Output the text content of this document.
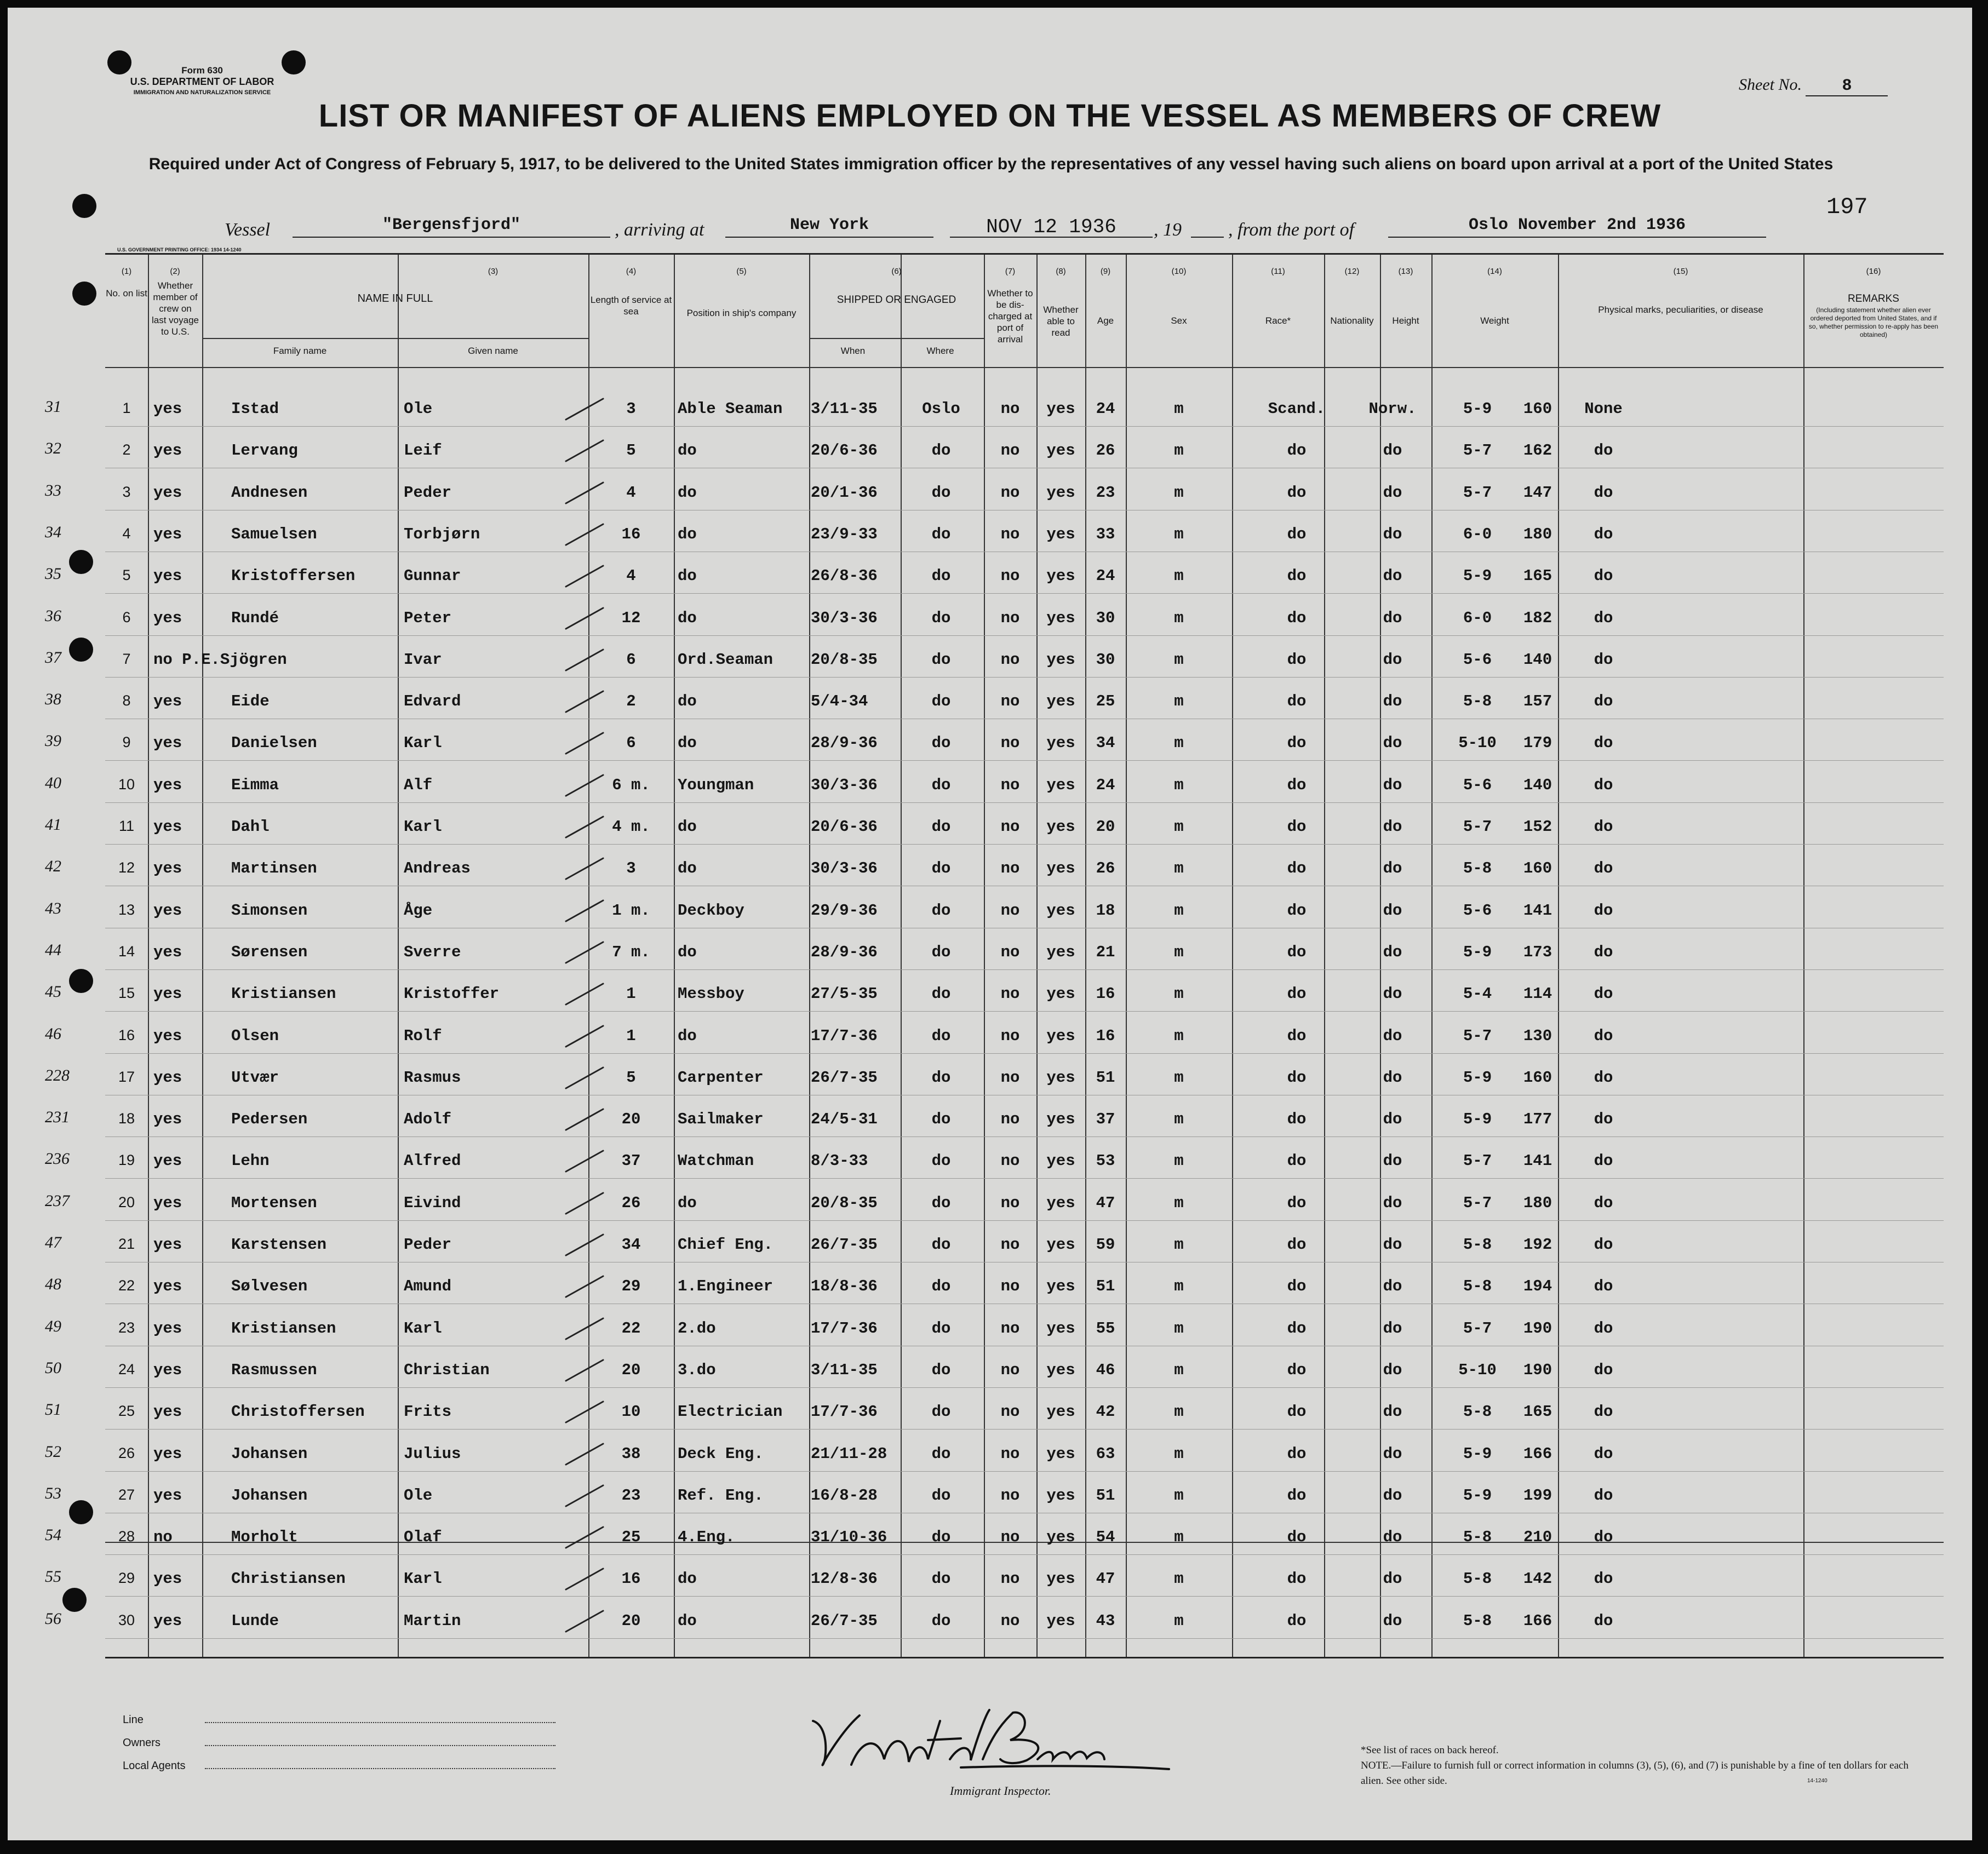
Form 630
U.S. DEPARTMENT OF LABOR
IMMIGRATION AND NATURALIZATION SERVICE
LIST OR MANIFEST OF ALIENS EMPLOYED ON THE VESSEL AS MEMBERS OF CREW
Sheet No. 8
Required under Act of Congress of February 5, 1917, to be delivered to the United States immigration officer by the representatives of any vessel having such aliens on board upon arrival at a port of the United States
197
Vessel	"Bergensfjord"	, arriving at	New York	NOV 12 1936	, 19	, from the port of	Oslo November 2nd 1936
U.S. GOVERNMENT PRINTING OFFICE: 1934 14-1240
(1)	(2)	(3)	(4)	(5)	(6)	(7)	(8)	(9)	(10)	(11)	(12)	(13)	(14)	(15)	(16)
No. on list
Whether member of crew on last voyage to U.S.
NAME IN FULL
Family name	Given name
Length of service at sea	Position in ship's company
SHIPPED OR ENGAGED
When	Where
Whether to be dis-charged at port of arrival
Whether able to read
Age	Sex	Race*	Nationality	Height	Weight
Physical marks, peculiarities, or disease
REMARKS
(Including statement whether alien ever ordered deported from United States, and if so, whether permission to re-apply has been obtained)
31	1	yes	Istad	Ole	3	Able Seaman	3/11-35	Oslo	no	yes	24	m	Scand.	Norw.	5-9	160	None
32	2	yes	Lervang	Leif	5	do	20/6-36	do	no	yes	26	m	do	do	5-7	162	do
33	3	yes	Andnesen	Peder	4	do	20/1-36	do	no	yes	23	m	do	do	5-7	147	do
34	4	yes	Samuelsen	Torbjørn	16	do	23/9-33	do	no	yes	33	m	do	do	6-0	180	do
35	5	yes	Kristoffersen	Gunnar	4	do	26/8-36	do	no	yes	24	m	do	do	5-9	165	do
36	6	yes	Rundé	Peter	12	do	30/3-36	do	no	yes	30	m	do	do	6-0	182	do
37	7	no P.E.Sjögren	Ivar	6	Ord.Seaman	20/8-35	do	no	yes	30	m	do	do	5-6	140	do
38	8	yes	Eide	Edvard	2	do	5/4-34	do	no	yes	25	m	do	do	5-8	157	do
39	9	yes	Danielsen	Karl	6	do	28/9-36	do	no	yes	34	m	do	do	5-10	179	do
40	10	yes	Eimma	Alf	6 m.	Youngman	30/3-36	do	no	yes	24	m	do	do	5-6	140	do
41	11	yes	Dahl	Karl	4 m.	do	20/6-36	do	no	yes	20	m	do	do	5-7	152	do
42	12	yes	Martinsen	Andreas	3	do	30/3-36	do	no	yes	26	m	do	do	5-8	160	do
43	13	yes	Simonsen	Åge	1 m.	Deckboy	29/9-36	do	no	yes	18	m	do	do	5-6	141	do
44	14	yes	Sørensen	Sverre	7 m.	do	28/9-36	do	no	yes	21	m	do	do	5-9	173	do
45	15	yes	Kristiansen	Kristoffer	1	Messboy	27/5-35	do	no	yes	16	m	do	do	5-4	114	do
46	16	yes	Olsen	Rolf	1	do	17/7-36	do	no	yes	16	m	do	do	5-7	130	do
228	17	yes	Utvær	Rasmus	5	Carpenter	26/7-35	do	no	yes	51	m	do	do	5-9	160	do
231	18	yes	Pedersen	Adolf	20	Sailmaker	24/5-31	do	no	yes	37	m	do	do	5-9	177	do
236	19	yes	Lehn	Alfred	37	Watchman	8/3-33	do	no	yes	53	m	do	do	5-7	141	do
237	20	yes	Mortensen	Eivind	26	do	20/8-35	do	no	yes	47	m	do	do	5-7	180	do
47	21	yes	Karstensen	Peder	34	Chief Eng.	26/7-35	do	no	yes	59	m	do	do	5-8	192	do
48	22	yes	Sølvesen	Amund	29	1.Engineer	18/8-36	do	no	yes	51	m	do	do	5-8	194	do
49	23	yes	Kristiansen	Karl	22	2.do	17/7-36	do	no	yes	55	m	do	do	5-7	190	do
50	24	yes	Rasmussen	Christian	20	3.do	3/11-35	do	no	yes	46	m	do	do	5-10	190	do
51	25	yes	Christoffersen	Frits	10	Electrician	17/7-36	do	no	yes	42	m	do	do	5-8	165	do
52	26	yes	Johansen	Julius	38	Deck Eng.	21/11-28	do	no	yes	63	m	do	do	5-9	166	do
53	27	yes	Johansen	Ole	23	Ref. Eng.	16/8-28	do	no	yes	51	m	do	do	5-9	199	do
54	28	no	Morholt	Olaf	25	4.Eng.	31/10-36	do	no	yes	54	m	do	do	5-8	210	do
55	29	yes	Christiansen	Karl	16	do	12/8-36	do	no	yes	47	m	do	do	5-8	142	do
56	30	yes	Lunde	Martin	20	do	26/7-35	do	no	yes	43	m	do	do	5-8	166	do
Line
Owners
Local Agents
Immigrant Inspector.
*See list of races on back hereof.
NOTE.—Failure to furnish full or correct information in columns (3), (5), (6), and (7) is punishable by a fine of ten dollars for each alien. See other side.	14-1240
